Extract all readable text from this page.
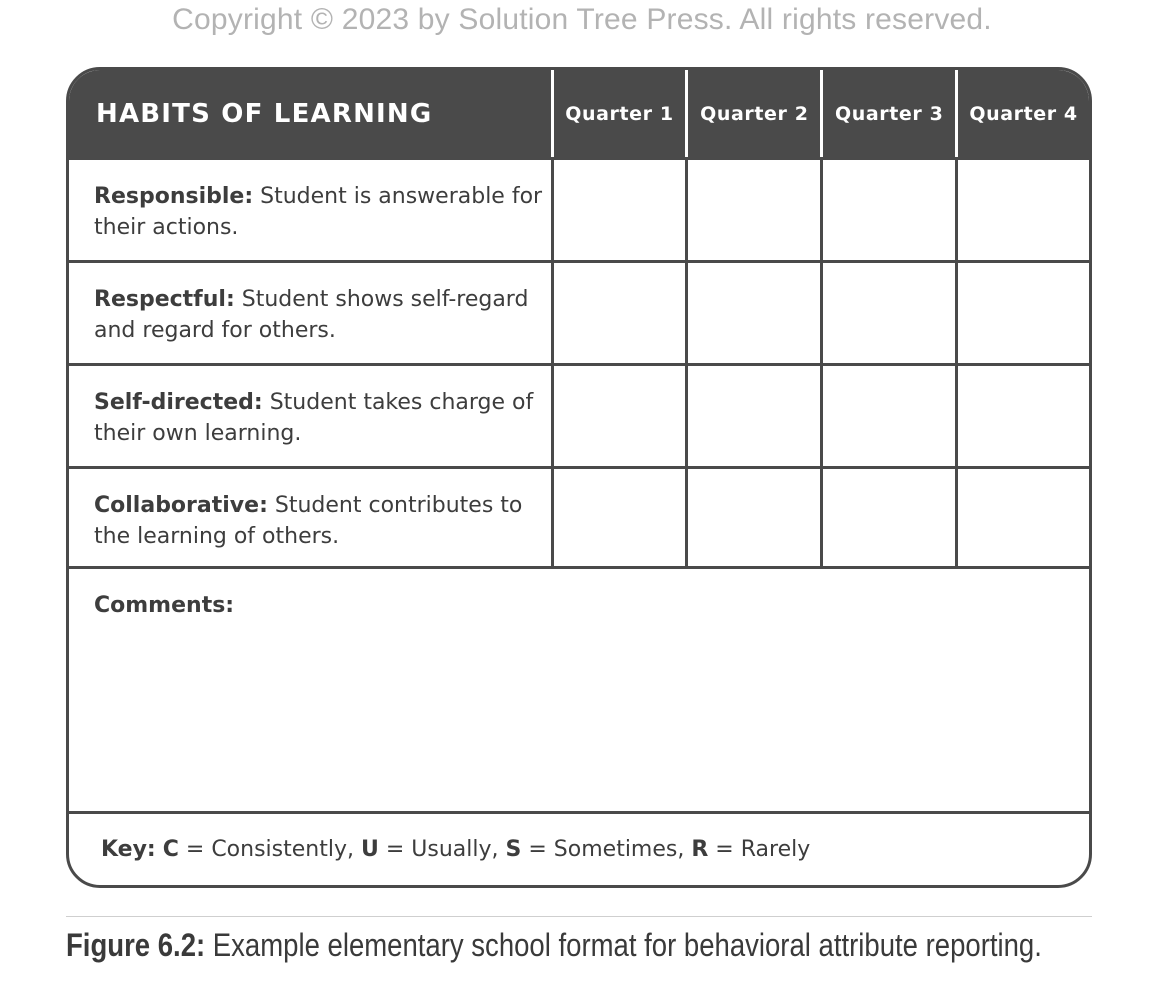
Copyright © 2023 by Solution Tree Press. All rights reserved.
HABITS OF LEARNING	Quarter 1	Quarter 2	Quarter 3	Quarter 4
Responsible: Student is answerable for their actions.
Respectful: Student shows self-regard and regard for others.
Self-directed: Student takes charge of their own learning.
Collaborative: Student contributes to the learning of others.
Comments:
Key: C = Consistently, U = Usually, S = Sometimes, R = Rarely
Figure 6.2: Example elementary school format for behavioral attribute reporting.
